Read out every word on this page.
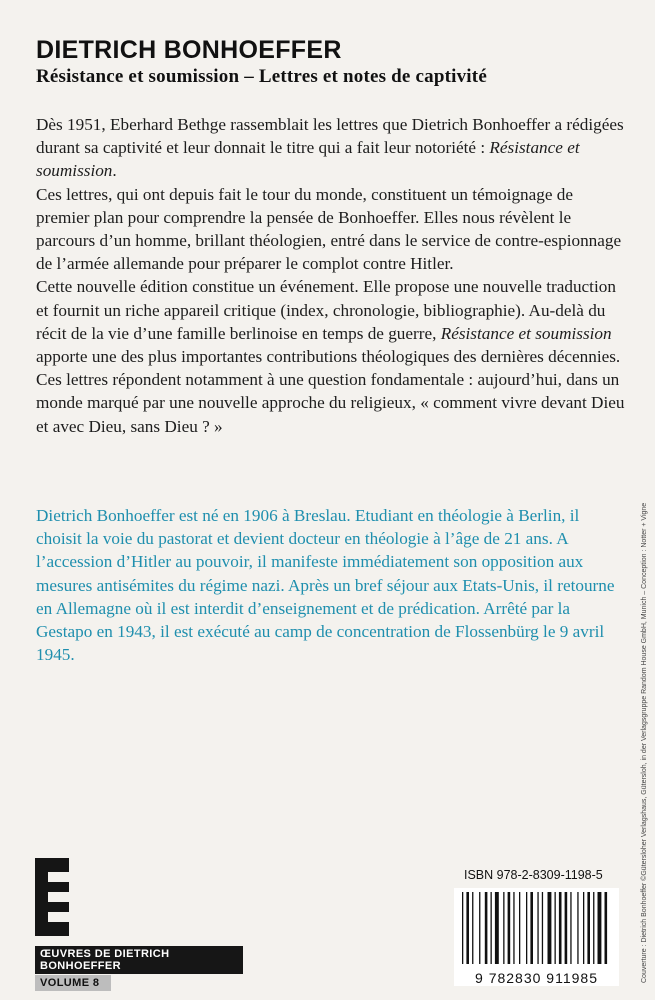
DIETRICH BONHOEFFER
Résistance et soumission – Lettres et notes de captivité

Dès 1951, Eberhard Bethge rassemblait les lettres que Dietrich Bonhoeffer a rédigées durant sa captivité et leur donnait le titre qui a fait leur notoriété : Résistance et soumission.

Ces lettres, qui ont depuis fait le tour du monde, constituent un témoignage de premier plan pour comprendre la pensée de Bonhoeffer. Elles nous révèlent le parcours d’un homme, brillant théologien, entré dans le service de contre-espionnage de l’armée allemande pour préparer le complot contre Hitler.

Cette nouvelle édition constitue un événement. Elle propose une nouvelle traduction et fournit un riche appareil critique (index, chronologie, bibliographie). Au-delà du récit de la vie d’une famille berlinoise en temps de guerre, Résistance et soumission apporte une des plus importantes contributions théologiques des dernières décennies. Ces lettres répondent notamment à une question fondamentale : aujourd’hui, dans un monde marqué par une nouvelle approche du religieux, « comment vivre devant Dieu et avec Dieu, sans Dieu ? »

Dietrich Bonhoeffer est né en 1906 à Breslau. Etudiant en théologie à Berlin, il choisit la voie du pastorat et devient docteur en théologie à l’âge de 21 ans. A l’accession d’Hitler au pouvoir, il manifeste immédiatement son opposition aux mesures antisémites du régime nazi. Après un bref séjour aux Etats-Unis, il retourne en Allemagne où il est interdit d’enseignement et de prédication. Arrêté par la Gestapo en 1943, il est exécuté au camp de concentration de Flossenbürg le 9 avril 1945.	Couverture : Dietrich Bonhoeffer ©Gütersloher Verlagshaus, Gütersloh, in der Verlagsgruppe Random House GmbH, Munich – Conception : Notter + Vigne
ŒUVRES DE DIETRICH BONHOEFFER
VOLUME 8
ISBN 978-2-8309-1198-5
9 782830 911985
